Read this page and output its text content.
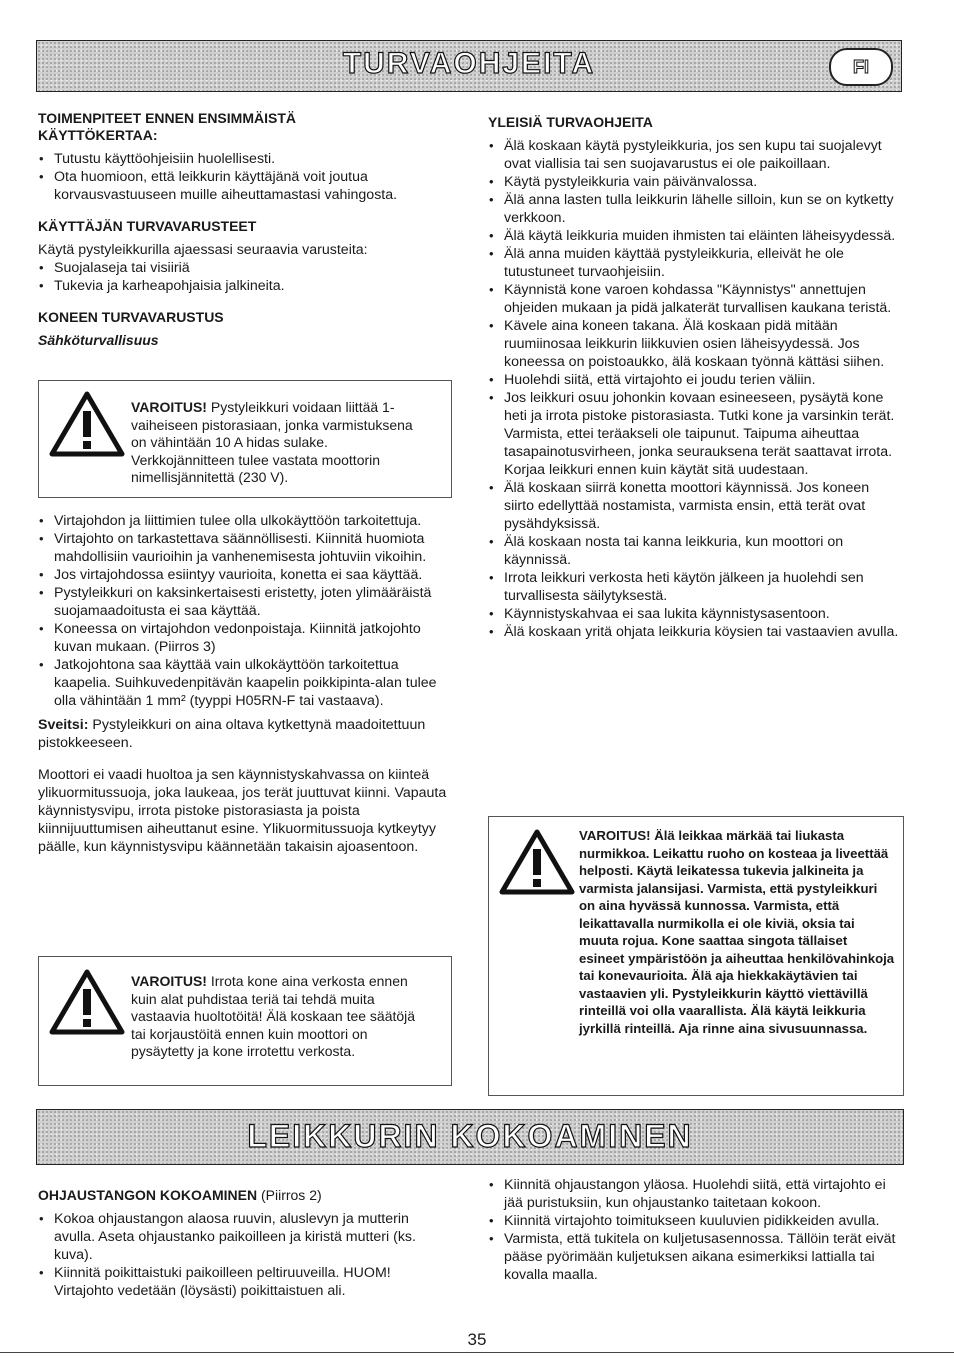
TURVAOHJEITA	FI
TOIMENPITEET ENNEN ENSIMMÄISTÄ
KÄYTTÖKERTAA:
• Tutustu käyttöohjeisiin huolellisesti.
• Ota huomioon, että leikkurin käyttäjänä voit joutua korvausvastuuseen muille aiheuttamastasi vahingosta.
KÄYTTÄJÄN TURVAVARUSTEET

Käytä pystyleikkurilla ajaessasi seuraavia varusteita:

• Suojalaseja tai visiiriä
• Tukevia ja karheapohjaisia jalkineita.
KONEEN TURVAVARUSTUS
Sähköturvallisuus
VAROITUS! Pystyleikkuri voidaan liittää 1-vaiheiseen pistorasiaan, jonka varmistuksena on vähintään 10 A hidas sulake. Verkkojännitteen tulee vastata moottorin nimellisjännitettä (230 V).
• Virtajohdon ja liittimien tulee olla ulkokäyttöön tarkoitettuja.
• Virtajohto on tarkastettava säännöllisesti. Kiinnitä huomiota mahdollisiin vaurioihin ja vanhenemisesta johtuviin vikoihin.
• Jos virtajohdossa esiintyy vaurioita, konetta ei saa käyttää.
• Pystyleikkuri on kaksinkertaisesti eristetty, joten ylimääräistä suojamaadoitusta ei saa käyttää.
• Koneessa on virtajohdon vedonpoistaja. Kiinnitä jatkojohto kuvan mukaan. (Piirros 3)
• Jatkojohtona saa käyttää vain ulkokäyttöön tarkoitettua kaapelia. Suihkuvedenpitävän kaapelin poikkipinta-alan tulee olla vähintään 1 mm² (tyyppi H05RN-F tai vastaava).

Sveitsi: Pystyleikkuri on aina oltava kytkettynä maadoitettuun pistokkeeseen.

Moottori ei vaadi huoltoa ja sen käynnistyskahvassa on kiinteä ylikuormitussuoja, joka laukeaa, jos terät juuttuvat kiinni. Vapauta käynnistysvipu, irrota pistoke pistorasiasta ja poista kiinnijuuttumisen aiheuttanut esine. Ylikuormitussuoja kytkeytyy päälle, kun käynnistysvipu käännetään takaisin ajoasentoon.

VAROITUS! Irrota kone aina verkosta ennen kuin alat puhdistaa teriä tai tehdä muita vastaavia huoltotöitä! Älä koskaan tee säätöjä tai korjaustöitä ennen kuin moottori on pysäytetty ja kone irrotettu verkosta.
YLEISIÄ TURVAOHJEITA
• Älä koskaan käytä pystyleikkuria, jos sen kupu tai suojalevyt ovat viallisia tai sen suojavarustus ei ole paikoillaan.
• Käytä pystyleikkuria vain päivänvalossa.
• Älä anna lasten tulla leikkurin lähelle silloin, kun se on kytketty verkkoon.
• Älä käytä leikkuria muiden ihmisten tai eläinten läheisyydessä.
• Älä anna muiden käyttää pystyleikkuria, elleivät he ole tutustuneet turvaohjeisiin.
• Käynnistä kone varoen kohdassa "Käynnistys" annettujen ohjeiden mukaan ja pidä jalkaterät turvallisen kaukana teristä.
• Kävele aina koneen takana. Älä koskaan pidä mitään ruumiinosaa leikkurin liikkuvien osien läheisyydessä. Jos koneessa on poistoaukko, älä koskaan työnnä kättäsi siihen.
• Huolehdi siitä, että virtajohto ei joudu terien väliin.
• Jos leikkuri osuu johonkin kovaan esineeseen, pysäytä kone heti ja irrota pistoke pistorasiasta. Tutki kone ja varsinkin terät. Varmista, ettei teräakseli ole taipunut. Taipuma aiheuttaa tasapainotusvirheen, jonka seurauksena terät saattavat irrota. Korjaa leikkuri ennen kuin käytät sitä uudestaan.
• Älä koskaan siirrä konetta moottori käynnissä. Jos koneen siirto edellyttää nostamista, varmista ensin, että terät ovat pysähdyksissä.
• Älä koskaan nosta tai kanna leikkuria, kun moottori on käynnissä.
• Irrota leikkuri verkosta heti käytön jälkeen ja huolehdi sen turvallisesta säilytyksestä.
• Käynnistyskahvaa ei saa lukita käynnistysasentoon.
• Älä koskaan yritä ohjata leikkuria köysien tai vastaavien avulla.
VAROITUS! Älä leikkaa märkää tai liukasta nurmikkoa. Leikattu ruoho on kosteaa ja liveettää helposti. Käytä leikatessa tukevia jalkineita ja varmista jalansijasi. Varmista, että pystyleikkuri on aina hyvässä kunnossa. Varmista, että leikattavalla nurmikolla ei ole kiviä, oksia tai muuta rojua. Kone saattaa singota tällaiset esineet ympäristöön ja aiheuttaa henkilövahinkoja tai konevaurioita. Älä aja hiekkakäytävien tai vastaavien yli. Pystyleikkurin käyttö viettävillä rinteillä voi olla vaarallista. Älä käytä leikkuria jyrkillä rinteillä. Aja rinne aina sivusuunnassa.
LEIKKURIN KOKOAMINEN
OHJAUSTANGON KOKOAMINEN (Piirros 2)
• Kokoa ohjaustangon alaosa ruuvin, aluslevyn ja mutterin avulla. Aseta ohjaustanko paikoilleen ja kiristä mutteri (ks. kuva).
• Kiinnitä poikittaistuki paikoilleen peltiruuveilla. HUOM! Virtajohto vedetään (löysästi) poikittaistuen ali.
• Kiinnitä ohjaustangon yläosa. Huolehdi siitä, että virtajohto ei jää puristuksiin, kun ohjaustanko taitetaan kokoon.
• Kiinnitä virtajohto toimitukseen kuuluvien pidikkeiden avulla.
• Varmista, että tukitela on kuljetusasennossa. Tällöin terät eivät pääse pyörimään kuljetuksen aikana esimerkiksi lattialla tai kovalla maalla.
35
